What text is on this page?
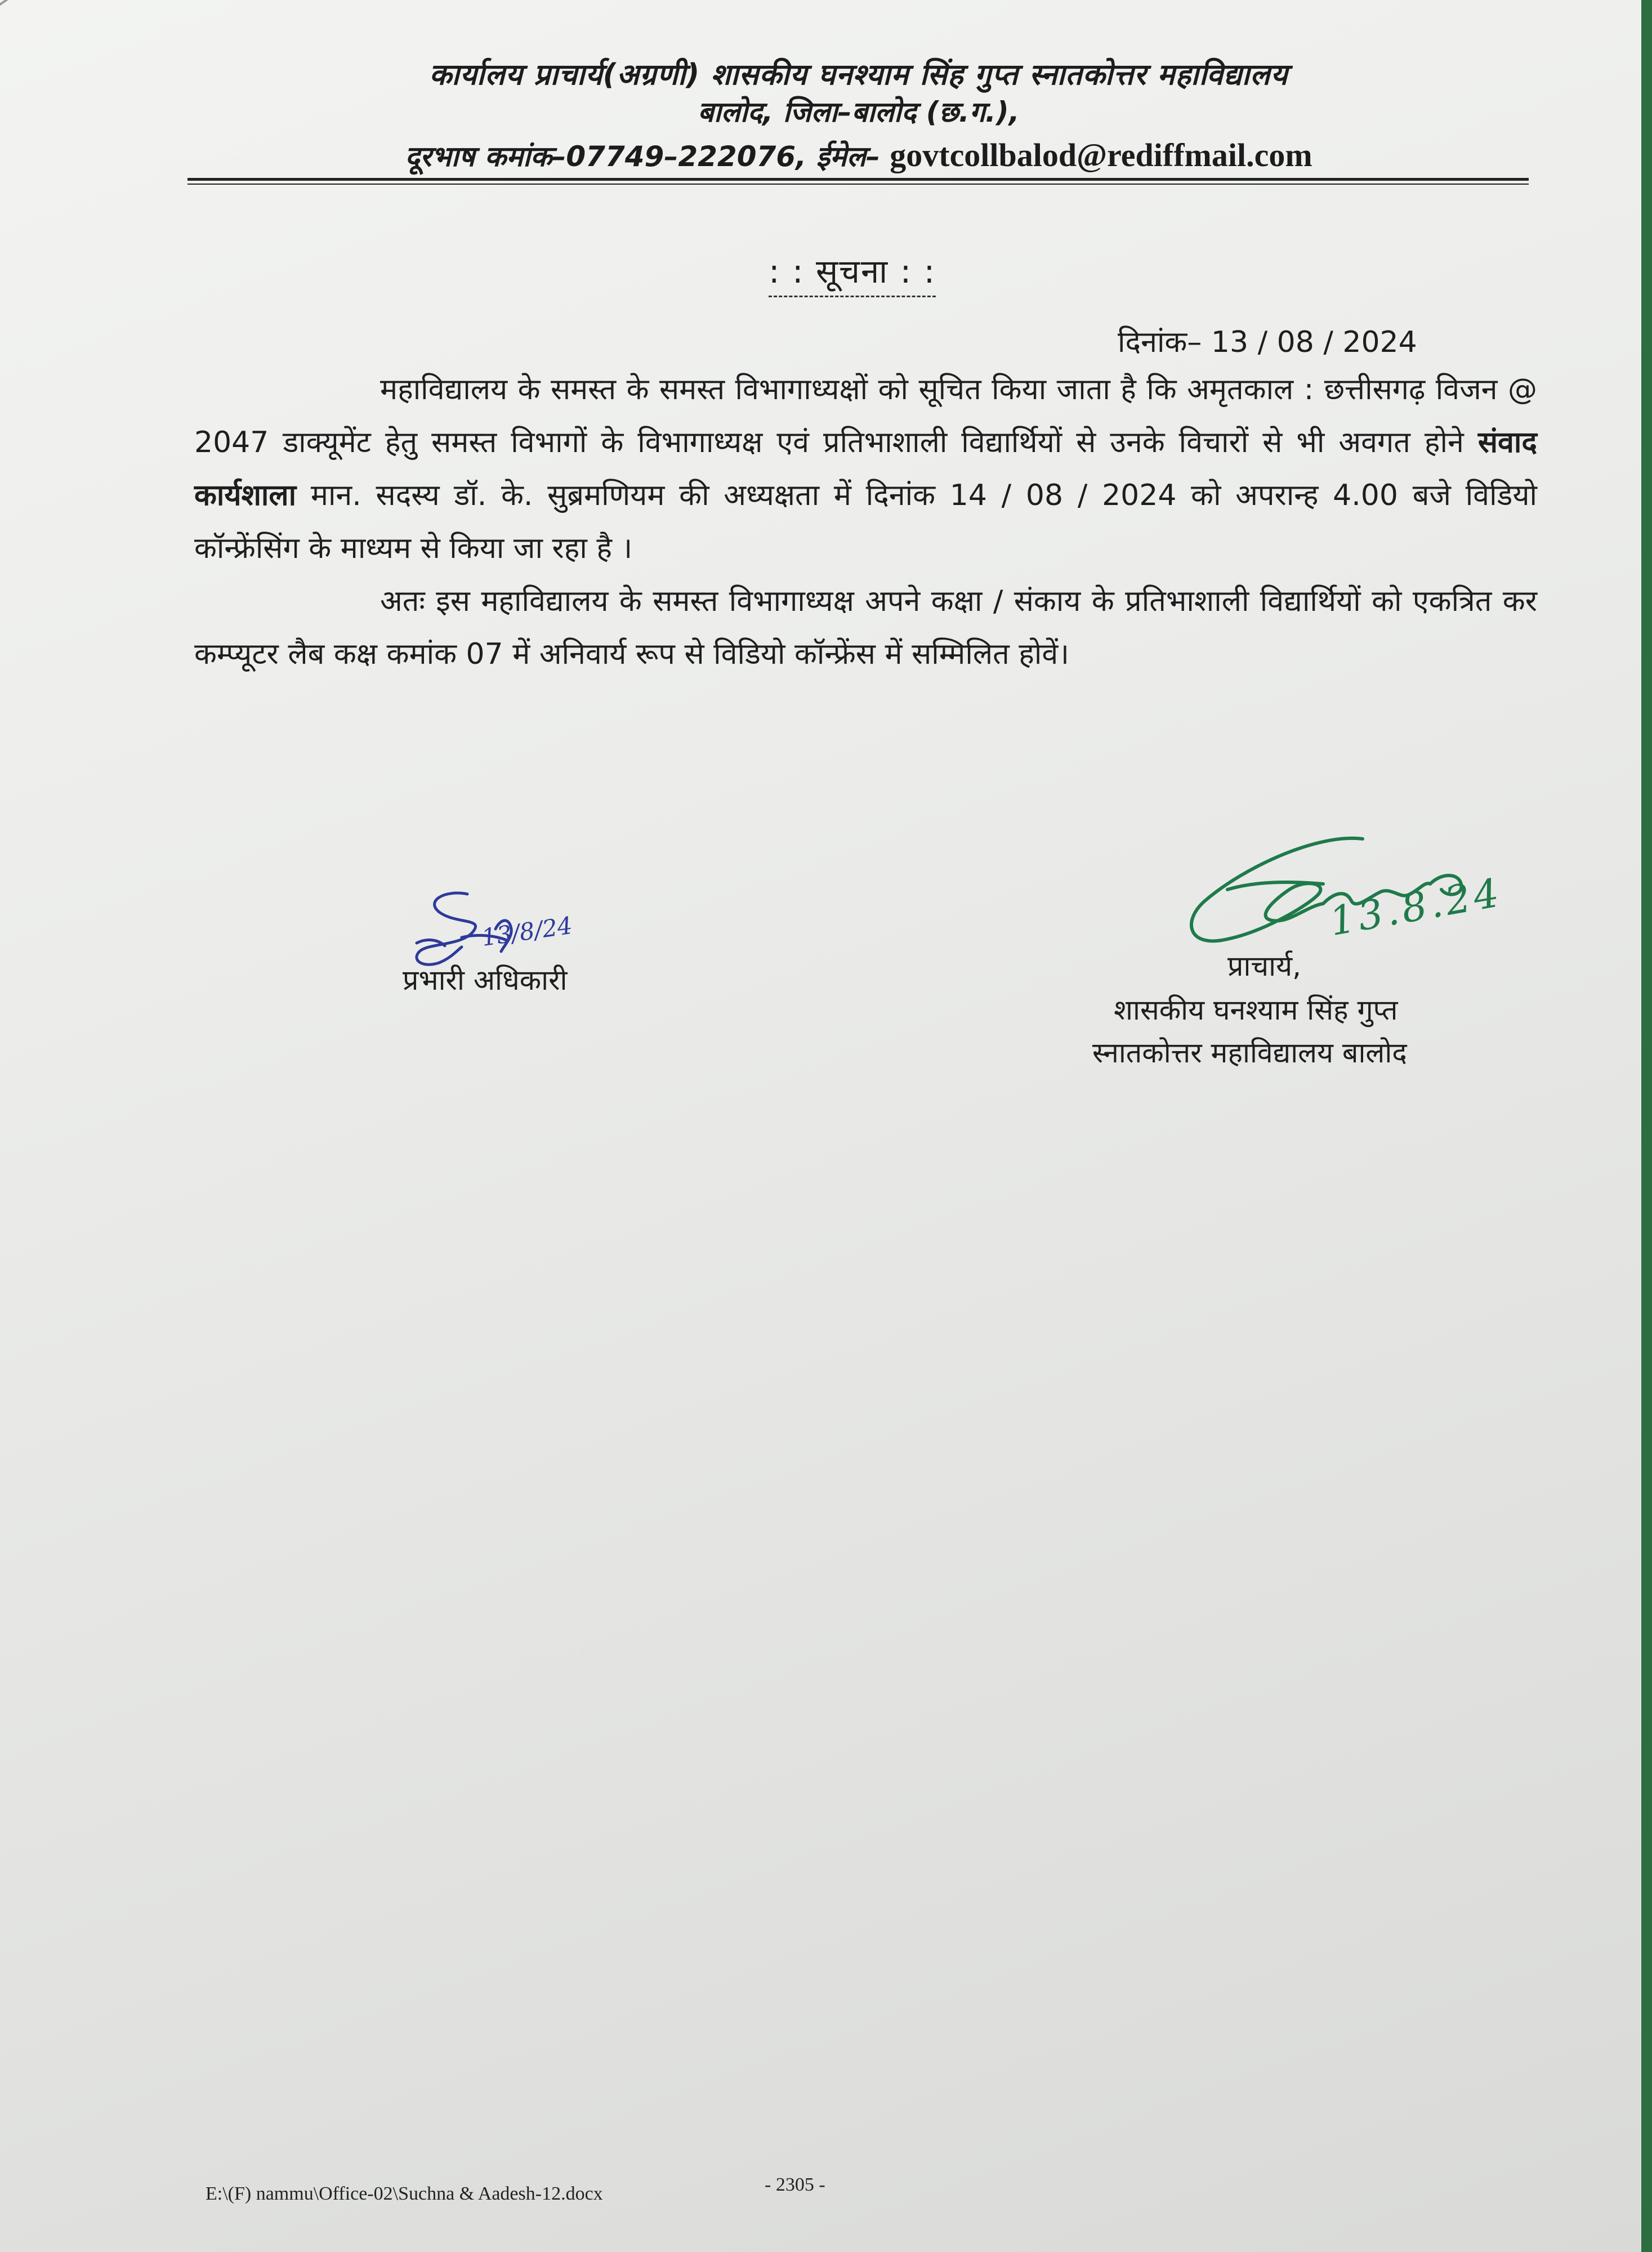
कार्यालय प्राचार्य(अग्रणी) शासकीय घनश्याम सिंह गुप्त स्नातकोत्तर महाविद्यालय
बालोद, जिला–बालोद (छ.ग.),
दूरभाष कमांक–07749–222076, ईमेल– govtcollbalod@rediffmail.com
: : सूचना : :
दिनांक– 13 / 08 / 2024

महाविद्यालय के समस्त के समस्त विभागाध्यक्षों को सूचित किया जाता है कि अमृतकाल : छत्तीसगढ़ विजन @ 2047 डाक्यूमेंट हेतु समस्त विभागों के विभागाध्यक्ष एवं प्रतिभाशाली विद्यार्थियों से उनके विचारों से भी अवगत होने संवाद कार्यशाला मान. सदस्य डॉ. के. सुब्रमणियम की अध्यक्षता में दिनांक 14 / 08 / 2024 को अपरान्ह 4.00 बजे विडियो कॉन्फ्रेंसिंग के माध्यम से किया जा रहा है ।

अतः इस महाविद्यालय के समस्त विभागाध्यक्ष अपने कक्षा / संकाय के प्रतिभाशाली विद्यार्थियों को एकत्रित कर कम्प्यूटर लैब कक्ष कमांक 07 में अनिवार्य रूप से विडियो कॉन्फ्रेंस में सम्मिलित होवें।

13/8/24
प्रभारी अधिकारी
13.8.24
प्राचार्य,
शासकीय घनश्याम सिंह गुप्त
स्नातकोत्तर महाविद्यालय बालोद
E:\(F) nammu\Office-02\Suchna & Aadesh-12.docx	- 2305 -
